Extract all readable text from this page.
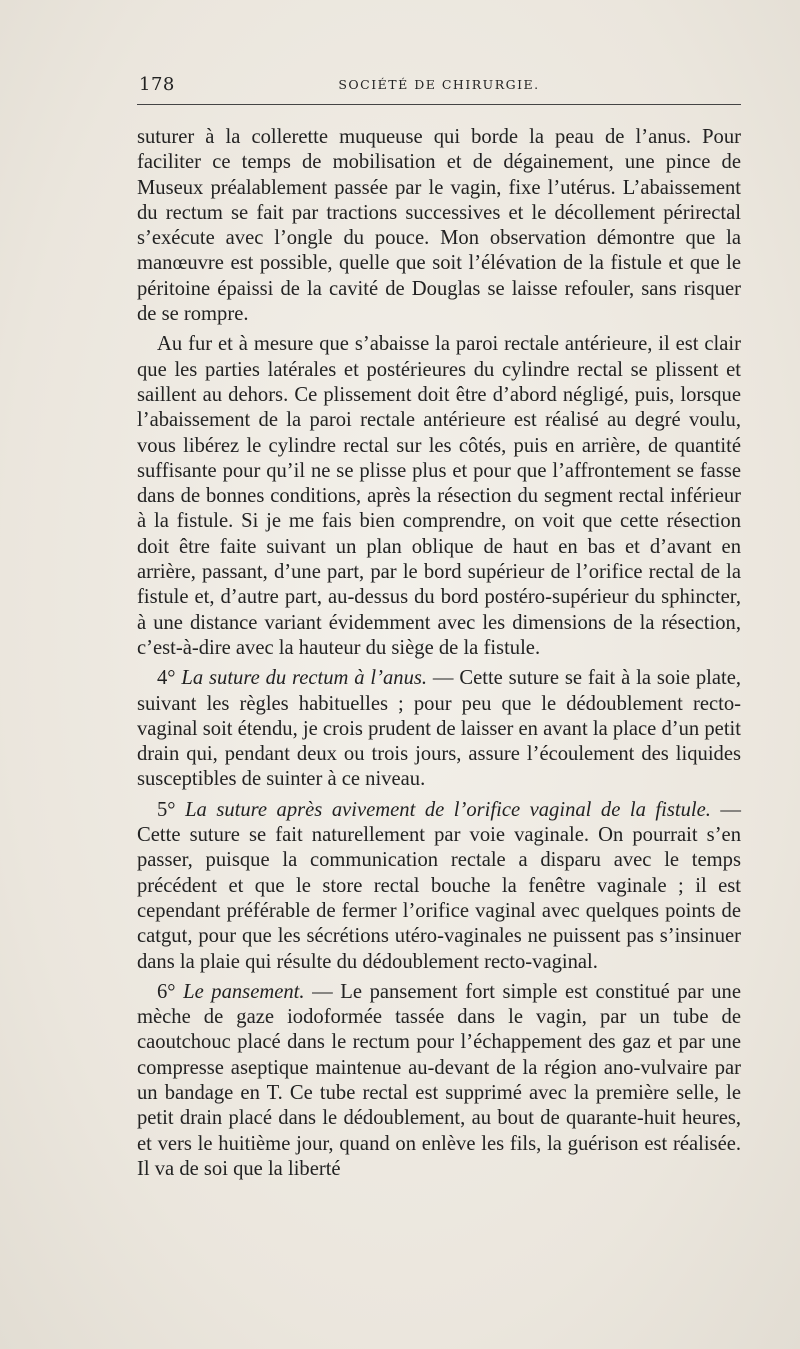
178	SOCIÉTÉ DE CHIRURGIE.

suturer à la collerette muqueuse qui borde la peau de l’anus. Pour faciliter ce temps de mobilisation et de dégainement, une pince de Museux préalablement passée par le vagin, fixe l’utérus. L’abaissement du rectum se fait par tractions successives et le décollement périrectal s’exécute avec l’ongle du pouce. Mon observation démontre que la manœuvre est possible, quelle que soit l’élévation de la fistule et que le péritoine épaissi de la cavité de Douglas se laisse refouler, sans risquer de se rompre.

Au fur et à mesure que s’abaisse la paroi rectale antérieure, il est clair que les parties latérales et postérieures du cylindre rectal se plissent et saillent au dehors. Ce plissement doit être d’abord négligé, puis, lorsque l’abaissement de la paroi rectale antérieure est réalisé au degré voulu, vous libérez le cylindre rectal sur les côtés, puis en arrière, de quantité suffisante pour qu’il ne se plisse plus et pour que l’affrontement se fasse dans de bonnes conditions, après la résection du segment rectal inférieur à la fistule. Si je me fais bien comprendre, on voit que cette résection doit être faite suivant un plan oblique de haut en bas et d’avant en arrière, passant, d’une part, par le bord supérieur de l’orifice rectal de la fistule et, d’autre part, au-dessus du bord postéro-supérieur du sphincter, à une distance variant évidemment avec les dimensions de la résection, c’est-à-dire avec la hauteur du siège de la fistule.

4° La suture du rectum à l’anus. — Cette suture se fait à la soie plate, suivant les règles habituelles ; pour peu que le dédoublement recto-vaginal soit étendu, je crois prudent de laisser en avant la place d’un petit drain qui, pendant deux ou trois jours, assure l’écoulement des liquides susceptibles de suinter à ce niveau.

5° La suture après avivement de l’orifice vaginal de la fistule. — Cette suture se fait naturellement par voie vaginale. On pourrait s’en passer, puisque la communication rectale a disparu avec le temps précédent et que le store rectal bouche la fenêtre vaginale ; il est cependant préférable de fermer l’orifice vaginal avec quelques points de catgut, pour que les sécrétions utéro-vaginales ne puissent pas s’insinuer dans la plaie qui résulte du dédoublement recto-vaginal.

6° Le pansement. — Le pansement fort simple est constitué par une mèche de gaze iodoformée tassée dans le vagin, par un tube de caoutchouc placé dans le rectum pour l’échappement des gaz et par une compresse aseptique maintenue au-devant de la région ano-vulvaire par un bandage en T. Ce tube rectal est supprimé avec la première selle, le petit drain placé dans le dédoublement, au bout de quarante-huit heures, et vers le huitième jour, quand on enlève les fils, la guérison est réalisée. Il va de soi que la liberté
